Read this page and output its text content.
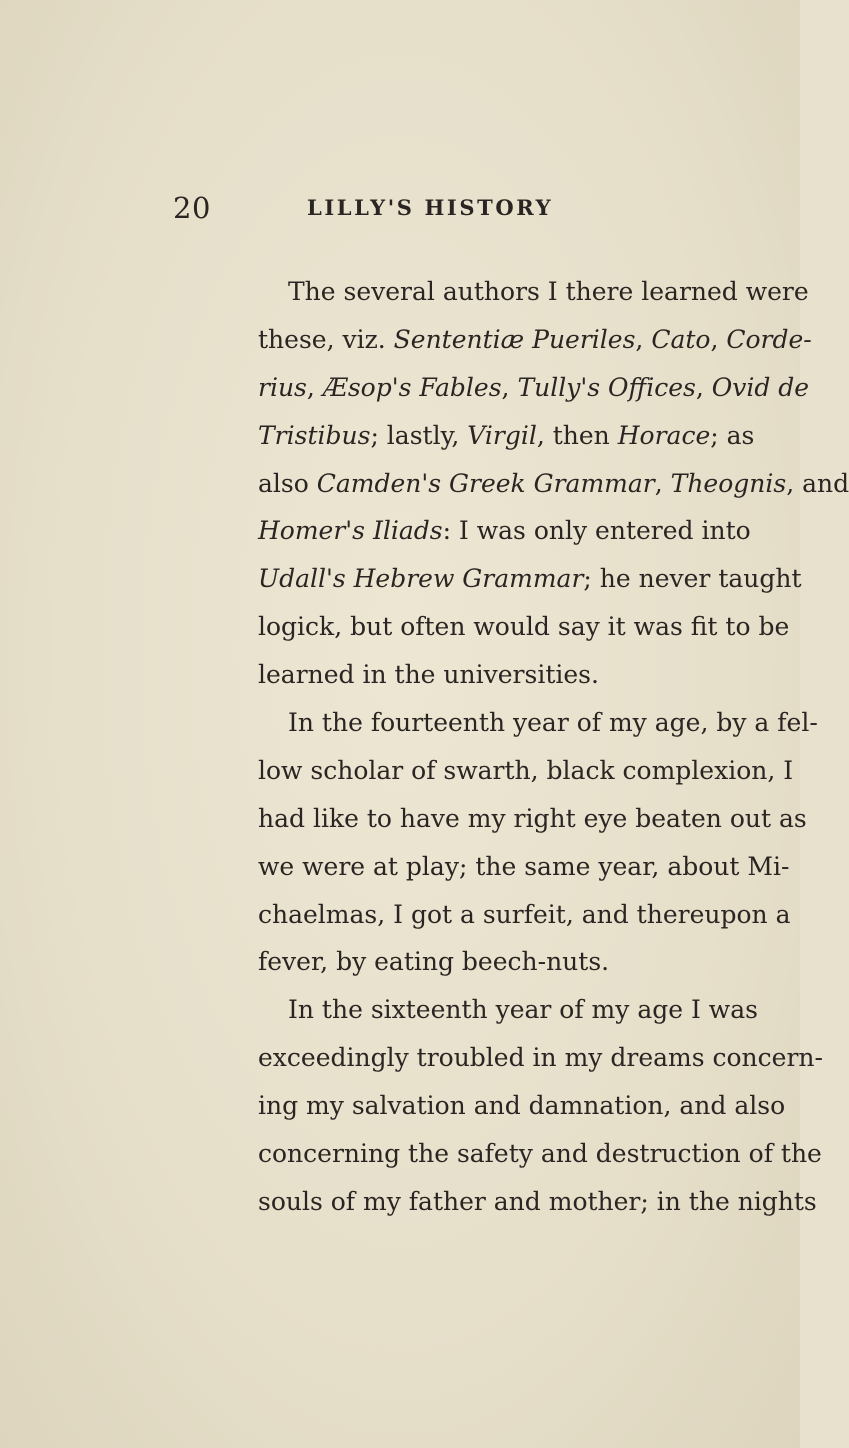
20	LILLY'S HISTORY
The several authors I there learned were
these, viz. Sententiæ Pueriles, Cato, Corde-
rius, Æsop's Fables, Tully's Offices, Ovid de
Tristibus; lastly, Virgil, then Horace; as
also Camden's Greek Grammar, Theognis, and
Homer's Iliads: I was only entered into
Udall's Hebrew Grammar; he never taught
logick, but often would say it was fit to be
learned in the universities.
In the fourteenth year of my age, by a fel-
low scholar of swarth, black complexion, I
had like to have my right eye beaten out as
we were at play; the same year, about Mi-
chaelmas, I got a surfeit, and thereupon a
fever, by eating beech-nuts.
In the sixteenth year of my age I was
exceedingly troubled in my dreams concern-
ing my salvation and damnation, and also
concerning the safety and destruction of the
souls of my father and mother; in the nights
